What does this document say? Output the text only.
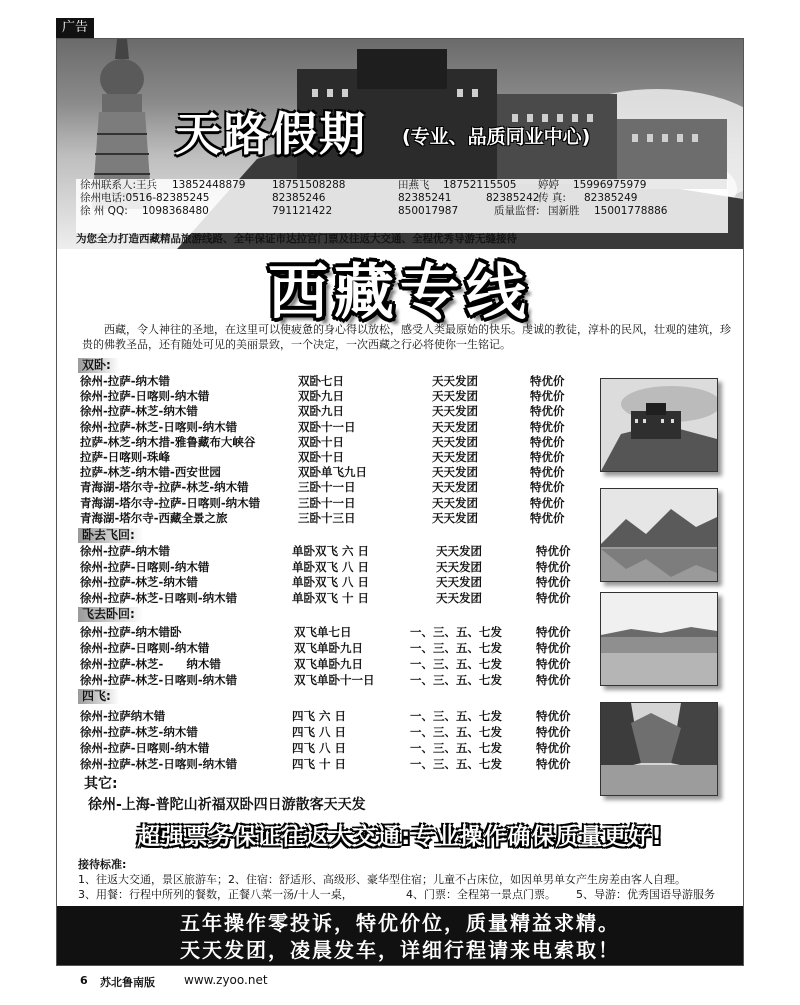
广告
天路假期 (专业、品质同业中心)
徐州联系人:王兵 13852448879	18751508288	田燕飞 18752115505 婷婷 15996975979
徐州电话:0516-82385245	82385246	82385241	82385242
传 真: 82385249
徐 州 QQ: 1098368480	791121422	850017987	质量监督: 国新胜 15001778886
为您全力打造西藏精品旅游线路、全年保证市达拉宫门票及往返大交通、全程优秀导游无缝接待
西藏专线
西藏，令人神往的圣地，在这里可以使疲惫的身心得以放松，感受人类最原始的快乐。虔诚的教徒，淳朴的民风，壮观的建筑，珍贵的佛教圣品，还有随处可见的美丽景致，一个决定，一次西藏之行必将使你一生铭记。
双卧:
徐州-拉萨-纳木错	双卧七日	天天发团	特优价
徐州-拉萨-日喀则-纳木错	双卧九日	天天发团	特优价
徐州-拉萨-林芝-纳木错	双卧九日	天天发团	特优价
徐州-拉萨-林芝-日喀则-纳木错	双卧十一日	天天发团	特优价
拉萨-林芝-纳木措-雅鲁藏布大峡谷	双卧十日	天天发团	特优价
拉萨-日喀则-珠峰	双卧十日	天天发团	特优价
拉萨-林芝-纳木错-西安世园	双卧单飞九日	天天发团	特优价
青海湖-塔尔寺-拉萨-林芝-纳木错	三卧十一日	天天发团	特优价
青海湖-塔尔寺-拉萨-日喀则-纳木错	三卧十一日	天天发团	特优价
青海湖-塔尔寺-西藏全景之旅	三卧十三日	天天发团	特优价
卧去飞回:
徐州-拉萨-纳木错	单卧双飞 六 日	天天发团	特优价
徐州-拉萨-日喀则-纳木错	单卧双飞 八 日	天天发团	特优价
徐州-拉萨-林芝-纳木错	单卧双飞 八 日	天天发团	特优价
徐州-拉萨-林芝-日喀则-纳木错	单卧双飞 十 日	天天发团	特优价
飞去卧回:
徐州-拉萨-纳木错卧	双飞单七日	一、三、五、七发	特优价
徐州-拉萨-日喀则-纳木错	双飞单卧九日	一、三、五、七发	特优价
徐州-拉萨-林芝-　　纳木错	双飞单卧九日	一、三、五、七发	特优价
徐州-拉萨-林芝-日喀则-纳木错	双飞单卧十一日	一、三、五、七发	特优价
四飞:
徐州-拉萨纳木错	四飞 六 日	一、三、五、七发	特优价
徐州-拉萨-林芝-纳木错	四飞 八 日	一、三、五、七发	特优价
徐州-拉萨-日喀则-纳木错	四飞 八 日	一、三、五、七发	特优价
徐州-拉萨-林芝-日喀则-纳木错	四飞 十 日	一、三、五、七发	特优价
其它:
徐州-上海-普陀山祈福双卧四日游散客天天发
超强票务保证往返大交通:专业操作确保质量更好!
接待标准:
1、往返大交通，景区旅游车；2、住宿：舒适形、高级形、豪华型住宿；儿童不占床位，如因单男单女产生房差由客人自理。
3、用餐：行程中所列的餐数，正餐八菜一汤/十人一桌，	4、门票：全程第一景点门票。 5、导游：优秀国语导游服务
五年操作零投诉，特优价位，质量精益求精。
天天发团，凌晨发车，详细行程请来电索取！
6 苏北鲁南版 www.zyoo.net
